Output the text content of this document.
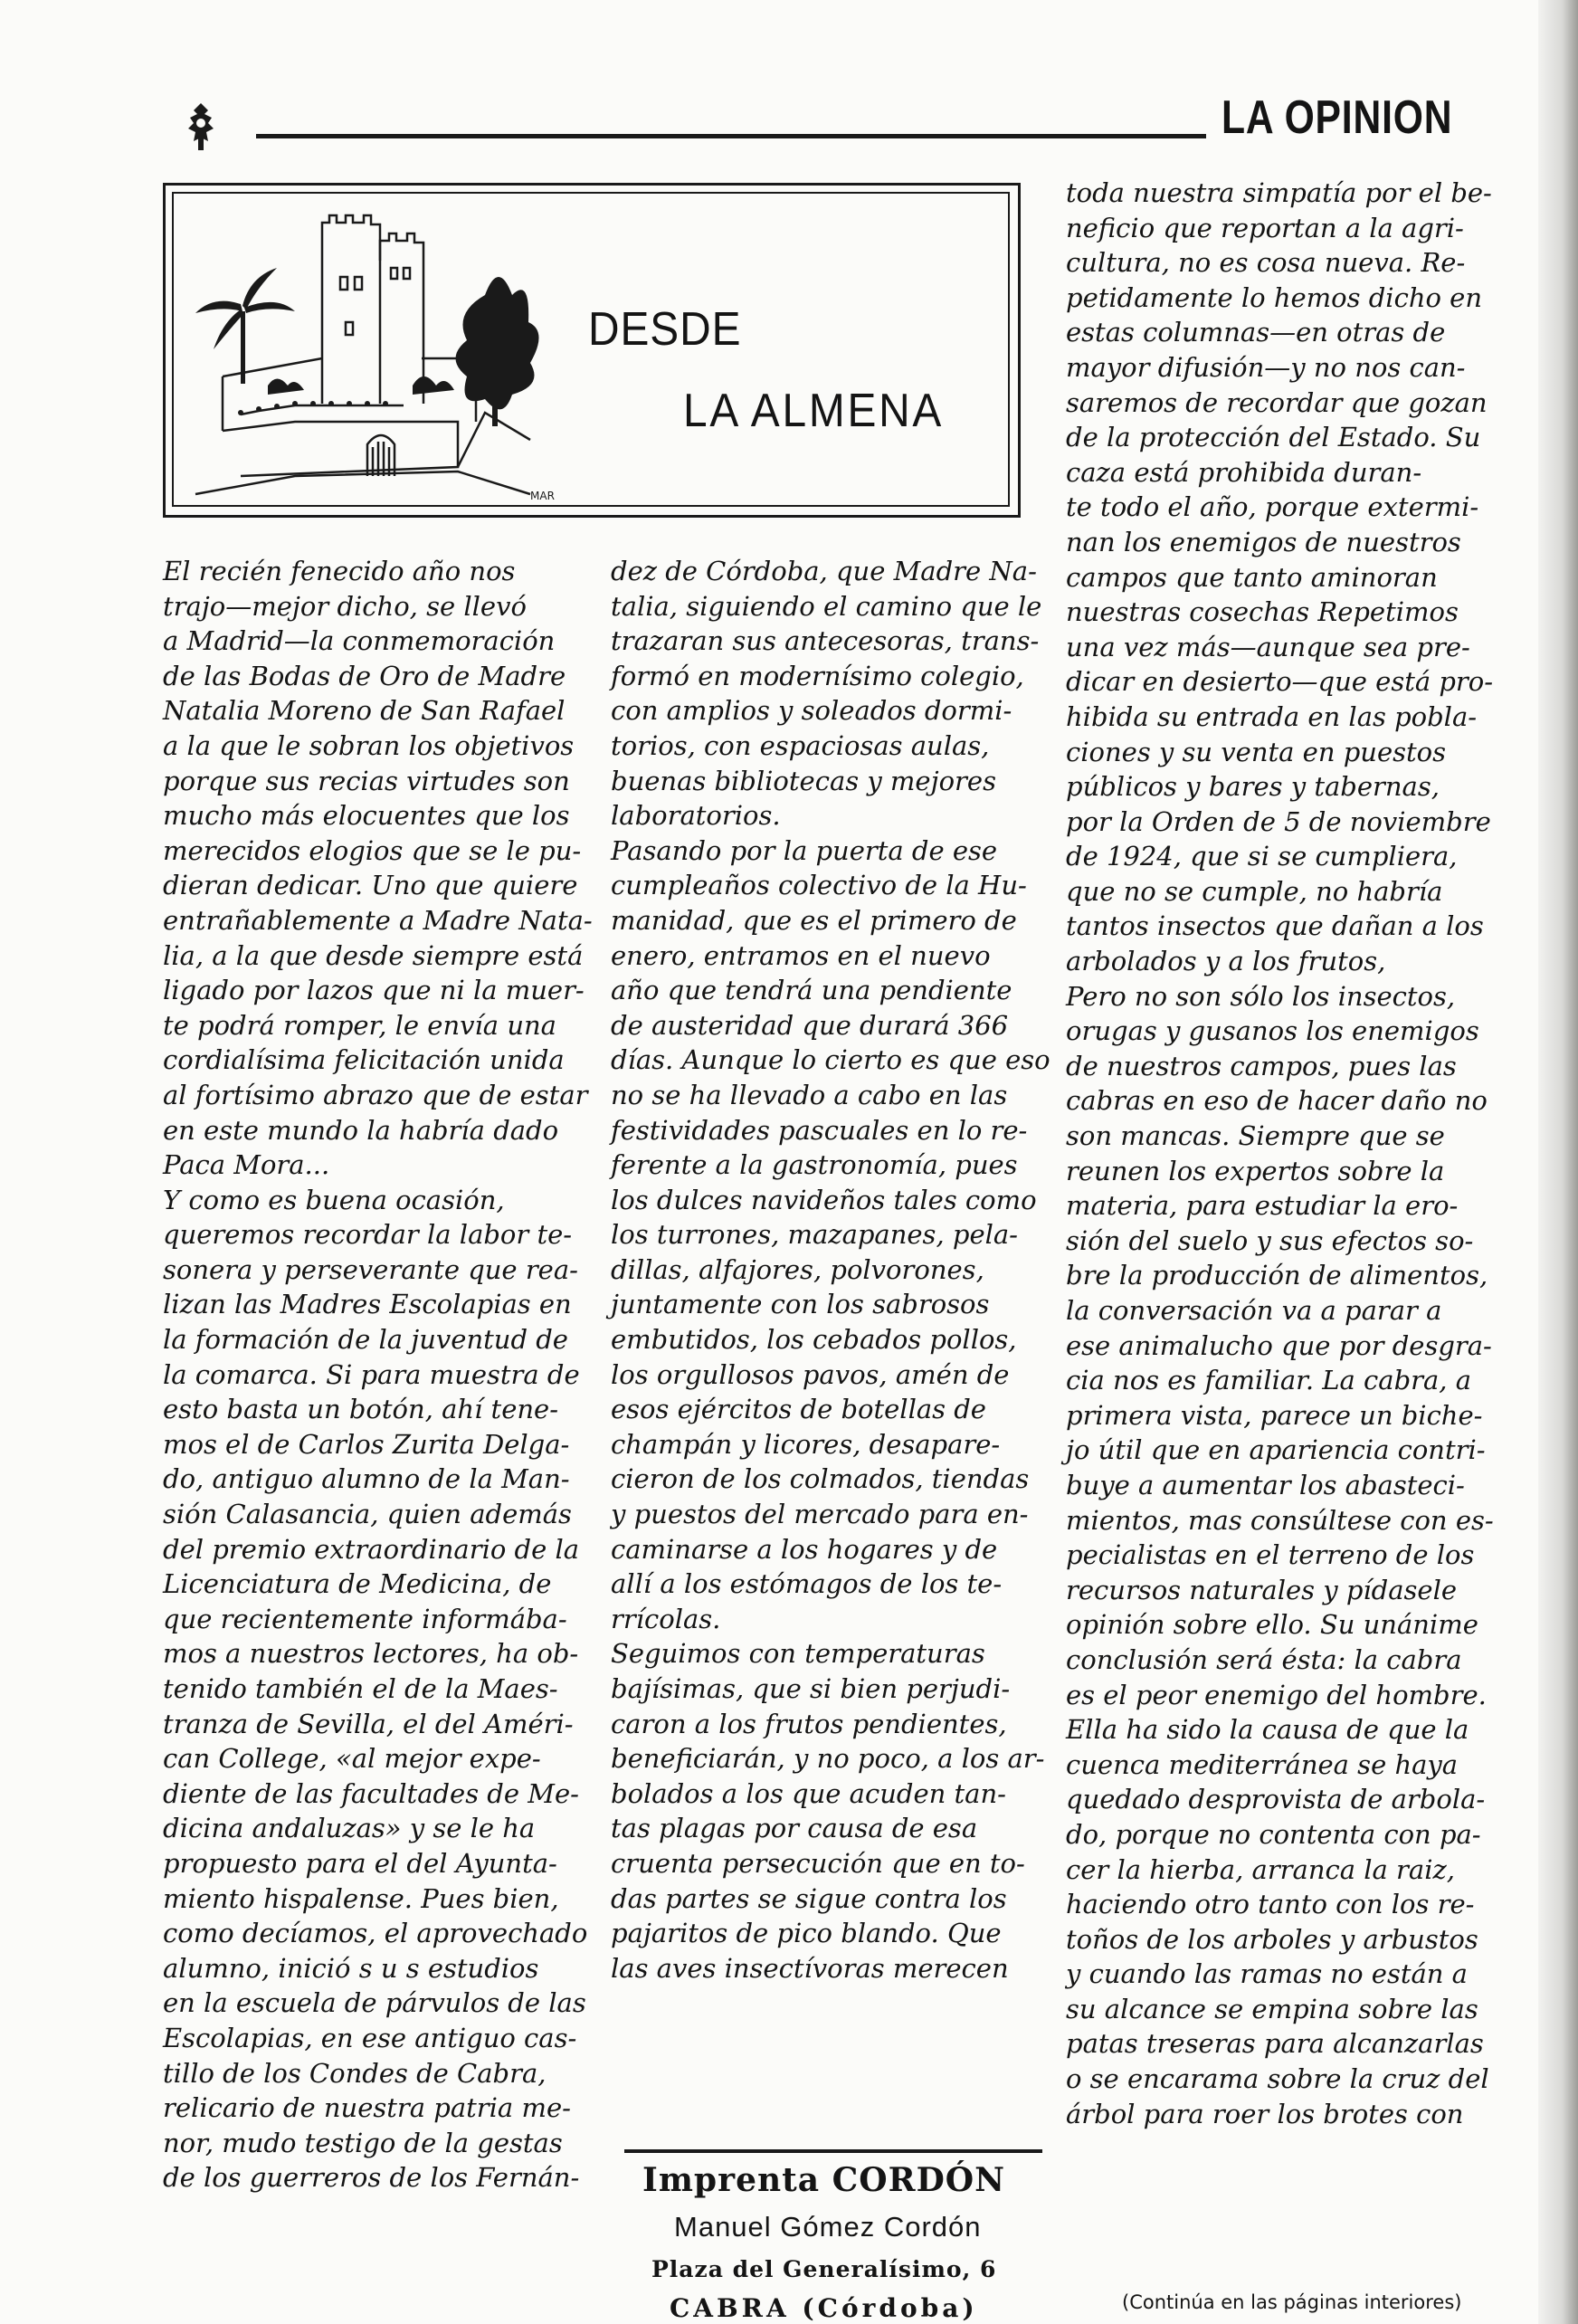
LA OPINION
MAR
DESDE
LA ALMENA
El recién fenecido año nos
trajo—mejor dicho, se llevó
a Madrid—la conmemoración
de las Bodas de Oro de Madre
Natalia Moreno de San Rafael
a la que le sobran los objetivos
porque sus recias virtudes son
mucho más elocuentes que los
merecidos elogios que se le pu-
dieran dedicar. Uno que quiere
entrañablemente a Madre Nata-
lia, a la que desde siempre está
ligado por lazos que ni la muer-
te podrá romper, le envía una
cordialísima felicitación unida
al fortísimo abrazo que de estar
en este mundo la habría dado
Paca Mora...
Y como es buena ocasión,
queremos recordar la labor te-
sonera y perseverante que rea-
lizan las Madres Escolapias en
la formación de la juventud de
la comarca. Si para muestra de
esto basta un botón, ahí tene-
mos el de Carlos Zurita Delga-
do, antiguo alumno de la Man-
sión Calasancia, quien además
del premio extraordinario de la
Licenciatura de Medicina, de
que recientemente informába-
mos a nuestros lectores, ha ob-
tenido también el de la Maes-
tranza de Sevilla, el del Améri-
can College, «al mejor expe-
diente de las facultades de Me-
dicina andaluzas» y se le ha
propuesto para el del Ayunta-
miento hispalense. Pues bien,
como decíamos, el aprovechado
alumno, inició s u s estudios
en la escuela de párvulos de las
Escolapias, en ese antiguo cas-
tillo de los Condes de Cabra,
relicario de nuestra patria me-
nor, mudo testigo de la gestas
de los guerreros de los Fernán-
dez de Córdoba, que Madre Na-
talia, siguiendo el camino que le
trazaran sus antecesoras, trans-
formó en modernísimo colegio,
con amplios y soleados dormi-
torios, con espaciosas aulas,
buenas bibliotecas y mejores
laboratorios.
Pasando por la puerta de ese
cumpleaños colectivo de la Hu-
manidad, que es el primero de
enero, entramos en el nuevo
año que tendrá una pendiente
de austeridad que durará 366
días. Aunque lo cierto es que eso
no se ha llevado a cabo en las
festividades pascuales en lo re-
ferente a la gastronomía, pues
los dulces navideños tales como
los turrones, mazapanes, pela-
dillas, alfajores, polvorones,
juntamente con los sabrosos
embutidos, los cebados pollos,
los orgullosos pavos, amén de
esos ejércitos de botellas de
champán y licores, desapare-
cieron de los colmados, tiendas
y puestos del mercado para en-
caminarse a los hogares y de
allí a los estómagos de los te-
rrícolas.
Seguimos con temperaturas
bajísimas, que si bien perjudi-
caron a los frutos pendientes,
beneficiarán, y no poco, a los ar-
bolados a los que acuden tan-
tas plagas por causa de esa
cruenta persecución que en to-
das partes se sigue contra los
pajaritos de pico blando. Que
las aves insectívoras merecen
toda nuestra simpatía por el be-
neficio que reportan a la agri-
cultura, no es cosa nueva. Re-
petidamente lo hemos dicho en
estas columnas—en otras de
mayor difusión—y no nos can-
saremos de recordar que gozan
de la protección del Estado. Su
caza está prohibida duran-
te todo el año, porque extermi-
nan los enemigos de nuestros
campos que tanto aminoran
nuestras cosechas Repetimos
una vez más—aunque sea pre-
dicar en desierto—que está pro-
hibida su entrada en las pobla-
ciones y su venta en puestos
públicos y bares y tabernas,
por la Orden de 5 de noviembre
de 1924, que si se cumpliera,
que no se cumple, no habría
tantos insectos que dañan a los
arbolados y a los frutos,
Pero no son sólo los insectos,
orugas y gusanos los enemigos
de nuestros campos, pues las
cabras en eso de hacer daño no
son mancas. Siempre que se
reunen los expertos sobre la
materia, para estudiar la ero-
sión del suelo y sus efectos so-
bre la producción de alimentos,
la conversación va a parar a
ese animalucho que por desgra-
cia nos es familiar. La cabra, a
primera vista, parece un biche-
jo útil que en apariencia contri-
buye a aumentar los abasteci-
mientos, mas consúltese con es-
pecialistas en el terreno de los
recursos naturales y pídasele
opinión sobre ello. Su unánime
conclusión será ésta: la cabra
es el peor enemigo del hombre.
Ella ha sido la causa de que la
cuenca mediterránea se haya
quedado desprovista de arbola-
do, porque no contenta con pa-
cer la hierba, arranca la raiz,
haciendo otro tanto con los re-
toños de los arboles y arbustos
y cuando las ramas no están a
su alcance se empina sobre las
patas treseras para alcanzarlas
o se encarama sobre la cruz del
árbol para roer los brotes con
Imprenta CORDÓN
Manuel Gómez Cordón
Plaza del Generalísimo, 6
CABRA (Córdoba)	(Continúa en las páginas interiores)
